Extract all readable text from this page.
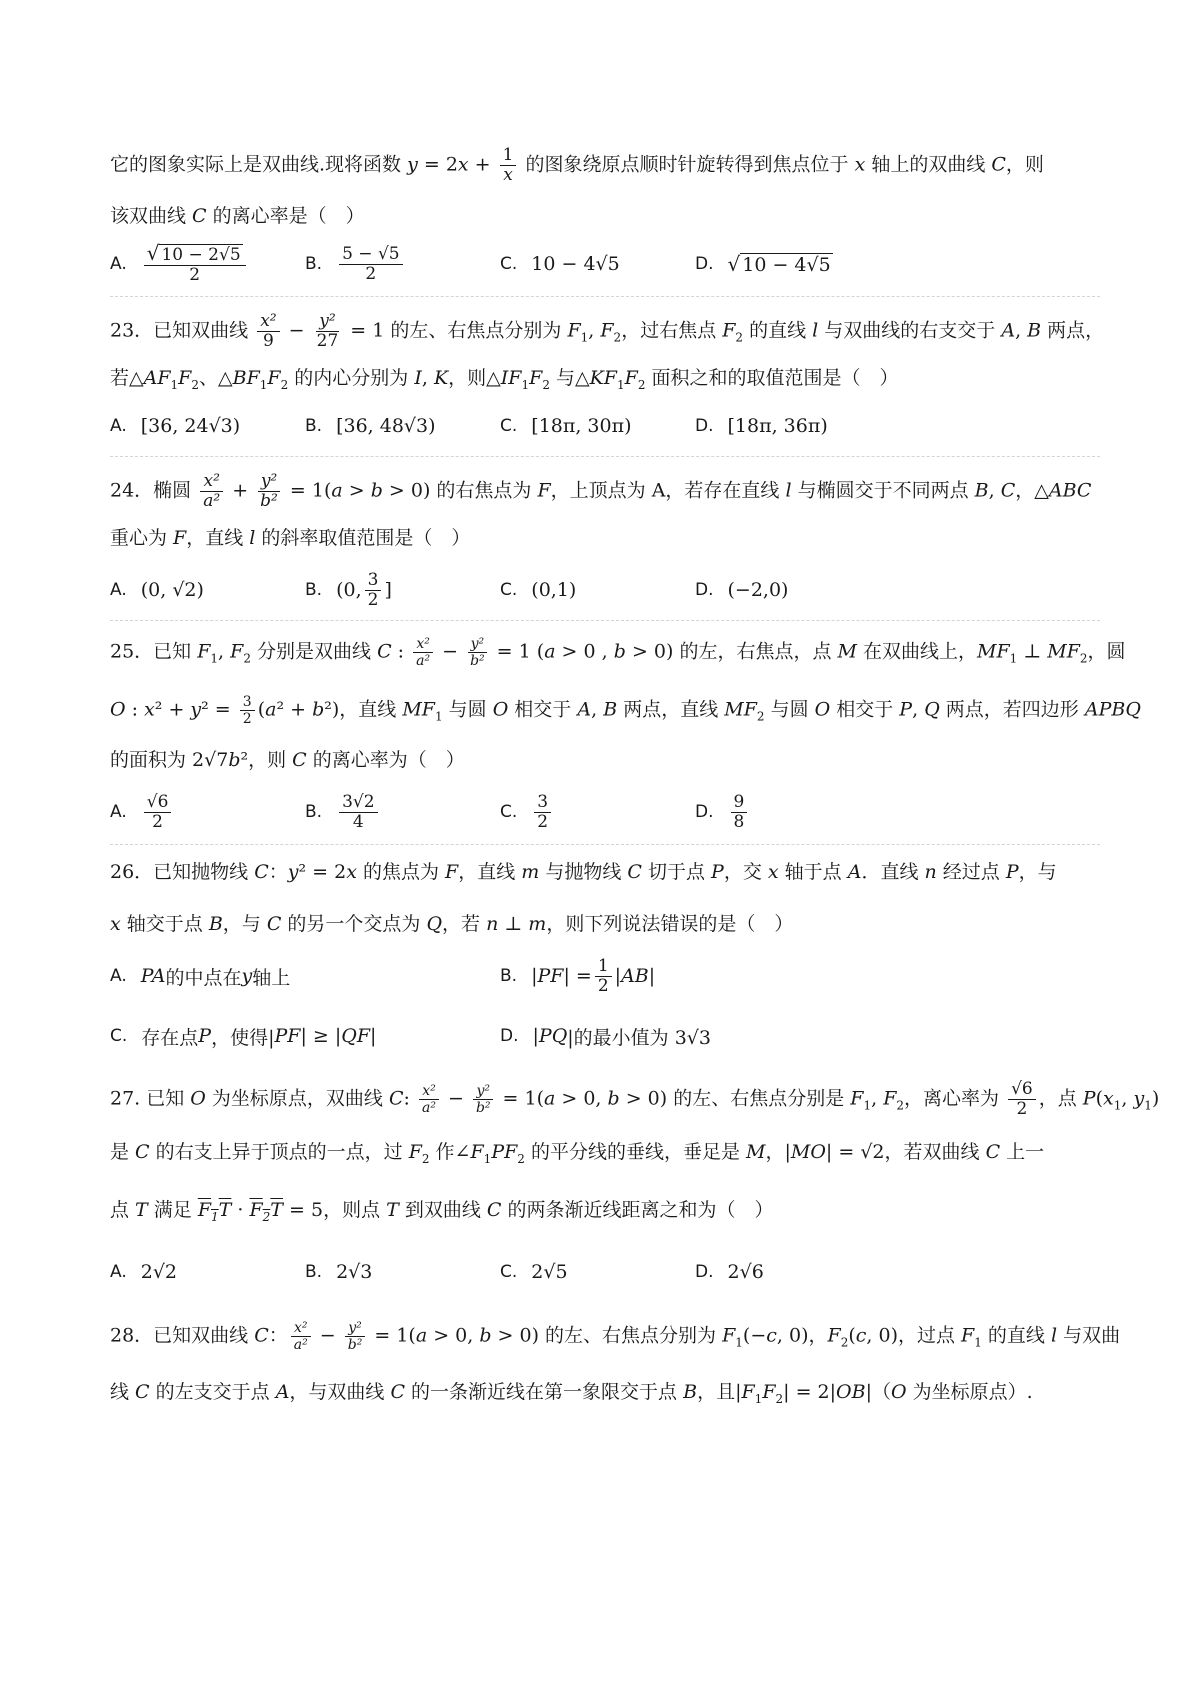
它的图象实际上是双曲线.现将函数 $y = 2x + \frac{1}{x}$ 的图象绕原点顺时针旋转得到焦点位于 x 轴上的双曲线 C，则
该双曲线 C 的离心率是（　）
A. $\frac{√ 10 - 2√5}{2}$	B. $\frac{5 - √5}{2}$	C. 10 − 4√5	D. √ 10 − 4√5
23．已知双曲线 $\frac{\text{x²}}{9} - \frac{\text{y²}}{27} = 1$ 的左、右焦点分别为 $F_1$, $F_2$，过右焦点 $F_2$ 的直线 l 与双曲线的右支交于 A, B 两点，
若$\triangle AF_1F_2$、$\triangle BF_1F_2$ 的内心分别为 I, K，则$\triangle IF_1F_2$ 与$\triangle KF_1F_2$ 面积之和的取值范围是（　）
A. [36, 24√3)	B. [36, 48√3)	C. [18π, 30π)	D. [18π, 36π)
24．椭圆 $\frac{\text{x²}}{\text{a²}} + \frac{\text{y²}}{\text{b²}} = 1(a > b > 0)$ 的右焦点为 F，上顶点为 A，若存在直线 l 与椭圆交于不同两点 B, C，△ABC
重心为 F，直线 l 的斜率取值范围是（　）
A. (0, √2)	B. (0, $\frac{3}{2}$ ]	C. (0,1)	D. (−2,0)
25．已知 $F_1$, $F_2$ 分别是双曲线 C : $\frac{\text{x²}}{\text{a²}} - \frac{\text{y²}}{\text{b²}} = 1$ (a > 0 , b > 0) 的左，右焦点，点 M 在双曲线上，$MF_1$ ⊥ $MF_2$，圆
O : $x^2 + y^2 = \frac{3}{2} (a^2 + b^2)$，直线 $MF_1$ 与圆 O 相交于 A, B 两点，直线 $MF_2$ 与圆 O 相交于 P, Q 两点，若四边形 APBQ
的面积为 2√7b²，则 C 的离心率为（　）
A. $\frac{√6}{2}$	B. $\frac{3√2}{4}$	C. $\frac{3}{2}$	D. $\frac{9}{8}$
26．已知抛物线 C：y² = 2x 的焦点为 F，直线 m 与抛物线 C 切于点 P，交 x 轴于点 A．直线 n 经过点 P，与
x 轴交于点 B，与 C 的另一个交点为 Q，若 n ⊥ m，则下列说法错误的是（　）
A. PA 的中点在 y 轴上	B. | PF | = $\frac{1}{2}$ | AB |
C. 存在点 P ，使得| PF | ≥ | QF |	D. | PQ |的最小值为 3√3
27. 已知 O 为坐标原点，双曲线 C: $\frac{\text{x²}}{\text{a²}} - \frac{\text{y²}}{\text{b²}} = 1(a > 0$, b > 0) 的左、右焦点分别是 $F_1$, $F_2$，离心率为 $\frac{√6}{2}$ ，点 $P(x_1$, $y_1$)
是 C 的右支上异于顶点的一点，过 $F_2$ 作$\angle F_1PF_2$ 的平分线的垂线，垂足是 M，|MO| = √2，若双曲线 C 上一
点 T 满足 $F_1T \cdot F_2T = 5$，则点 T 到双曲线 C 的两条渐近线距离之和为（　）
A. 2√2	B. 2√3	C. 2√5	D. 2√6
28．已知双曲线 C： $\frac{\text{x²}}{\text{a²}} - \frac{\text{y²}}{\text{b²}} = 1(a > 0$, b > 0) 的左、右焦点分别为 $F_1(-c$, 0)，$F_2(c$, 0)，过点 $F_1$ 的直线 l 与双曲
线 C 的左支交于点 A，与双曲线 C 的一条渐近线在第一象限交于点 B，且$|F_1F_2| = 2|OB|(O$ 为坐标原点）.
